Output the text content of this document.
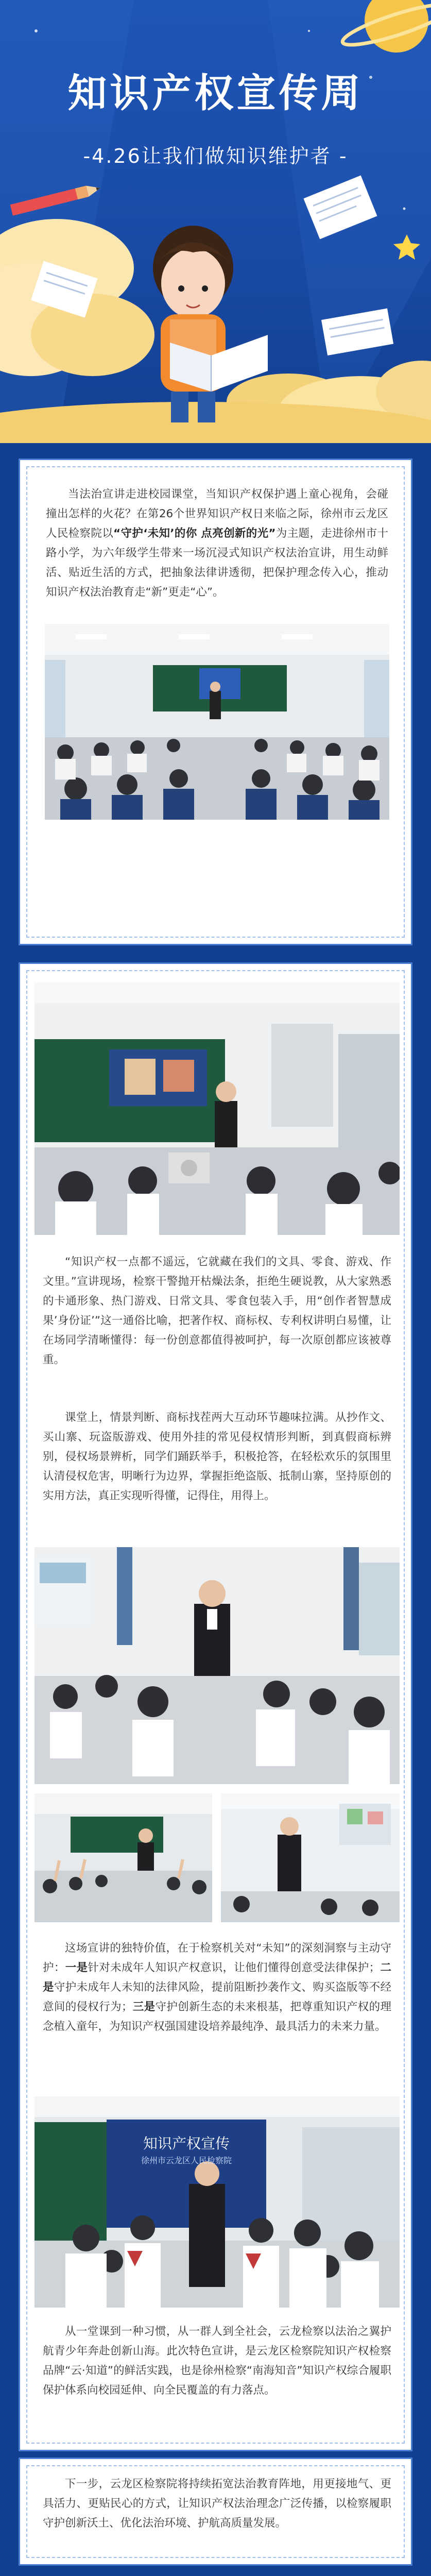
知识产权宣传周
-4.26让我们做知识维护者 -

当法治宣讲走进校园课堂，当知识产权保护遇上童心视角，会碰撞出怎样的火花？在第26个世界知识产权日来临之际，徐州市云龙区人民检察院以“守护‘未知’的你 点亮创新的光”为主题，走进徐州市十路小学，为六年级学生带来一场沉浸式知识产权法治宣讲，用生动鲜活、贴近生活的方式，把抽象法律讲透彻，把保护理念传入心，推动知识产权法治教育走“新”更走“心”。

“知识产权一点都不遥远，它就藏在我们的文具、零食、游戏、作文里。”宣讲现场，检察干警抛开枯燥法条，拒绝生硬说教，从大家熟悉的卡通形象、热门游戏、日常文具、零食包装入手，用“创作者智慧成果’身份证’”这一通俗比喻，把著作权、商标权、专利权讲明白易懂，让在场同学清晰懂得：每一份创意都值得被呵护，每一次原创都应该被尊重。

课堂上，情景判断、商标找茬两大互动环节趣味拉满。从抄作文、买山寨、玩盗版游戏、使用外挂的常见侵权情形判断，到真假商标辨别，侵权场景辨析，同学们踊跃举手，积极抢答，在轻松欢乐的氛围里认清侵权危害，明晰行为边界，掌握拒绝盗版、抵制山寨，坚持原创的实用方法，真正实现听得懂，记得住，用得上。

这场宣讲的独特价值，在于检察机关对“未知”的深刻洞察与主动守护：一是针对未成年人知识产权意识，让他们懂得创意受法律保护；二是守护未成年人未知的法律风险，提前阻断抄袭作文、购买盗版等不经意间的侵权行为；三是守护创新生态的未来根基，把尊重知识产权的理念植入童年，为知识产权强国建设培养最纯净、最具活力的未来力量。

知识产权宣传
徐州市云龙区人民检察院

从一堂课到一种习惯，从一群人到全社会，云龙检察以法治之翼护航青少年奔赴创新山海。此次特色宣讲，是云龙区检察院知识产权检察品牌“云·知道”的鲜活实践，也是徐州检察“南海知音”知识产权综合履职保护体系向校园延伸、向全民覆盖的有力落点。

下一步，云龙区检察院将持续拓宽法治教育阵地，用更接地气、更具活力、更贴民心的方式，让知识产权法治理念广泛传播，以检察履职守护创新沃土、优化法治环境、护航高质量发展。
